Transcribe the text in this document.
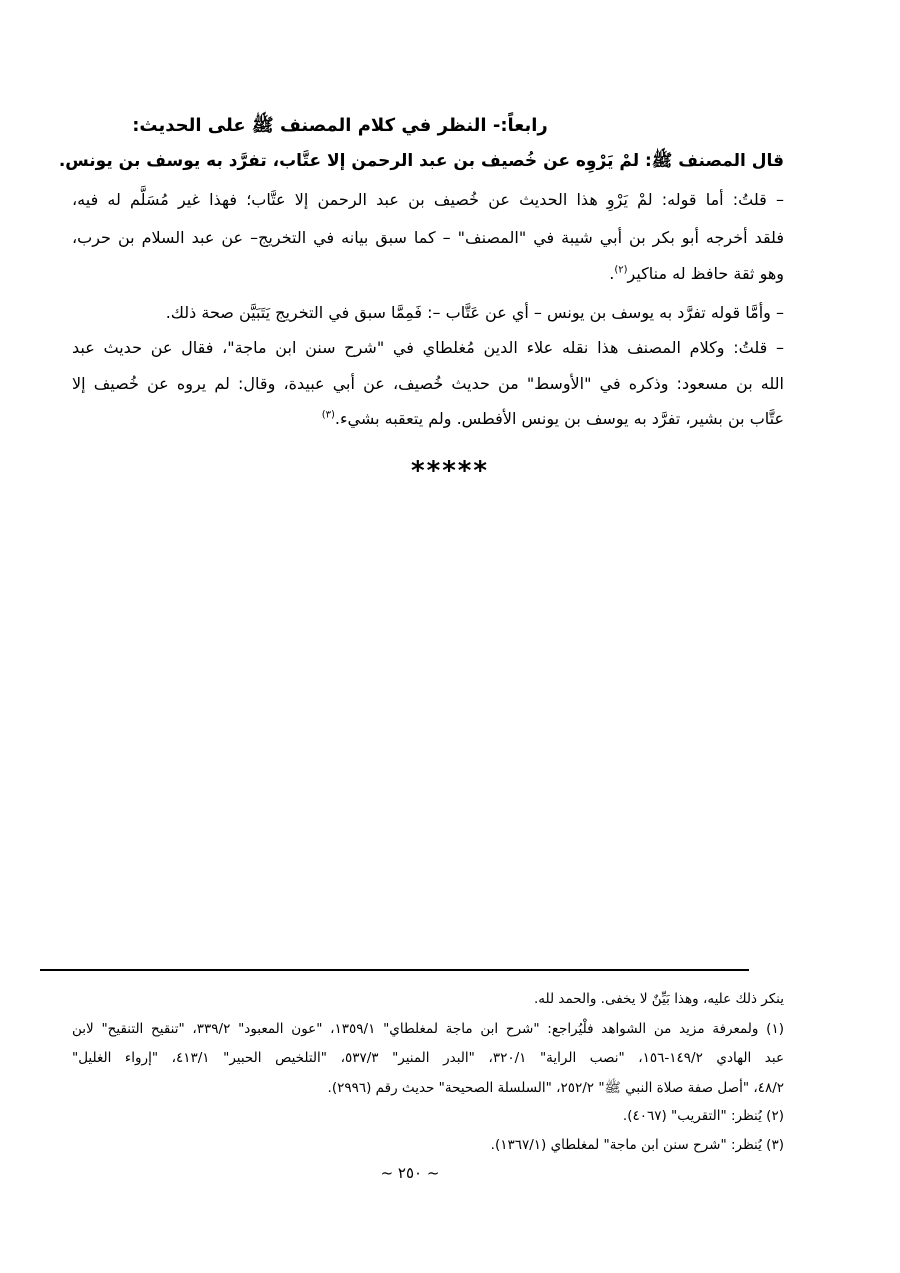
رابعاً:- النظر في كلام المصنف ﷺ على الحديث:
قال المصنف ﷺ: لمْ يَرْوِه عن خُصيف بن عبد الرحمن إلا عتَّاب، تفرَّد به يوسف بن يونس.
– قلتُ: أما قوله: لمْ يَرْوِ هذا الحديث عن خُصيف بن عبد الرحمن إلا عتَّاب؛ فهذا غير مُسَلَّم له فيه،
فلقد أخرجه أبو بكر بن أبي شيبة في "المصنف" – كما سبق بيانه في التخريج– عن عبد السلام بن حرب،
وهو ثقة حافظ له مناكير$^{(٢)}$.
– وأمَّا قوله تفرَّد به يوسف بن يونس – أي عن عَتَّاب –: فَمِمَّا سبق في التخريج يَتَبَيَّن صحة ذلك.
– قلتُ: وكلام المصنف هذا نقله علاء الدين مُغلطاي في "شرح سنن ابن ماجة"، فقال عن حديث عبد
الله بن مسعود: وذكره في "الأوسط" من حديث خُصيف، عن أبي عبيدة، وقال: لم يروه عن خُصيف إلا
عتَّاب بن بشير، تفرَّد به يوسف بن يونس الأفطس. ولم يتعقبه بشيء.$^{(٣)}$
*****
ينكر ذلك عليه، وهذا بَيِّنٌ لا يخفى. والحمد لله.
(١) ولمعرفة مزيد من الشواهد فلْيُراجع: "شرح ابن ماجة لمغلطاي" ١٣٥٩/١، "عون المعبود" ٣٣٩/٢، "تنقيح التنقيح" لابن
عبد الهادي ١٤٩/٢-١٥٦، "نصب الراية" ٣٢٠/١، "البدر المنير" ٥٣٧/٣، "التلخيص الحبير" ٤١٣/١، "إرواء الغليل"
٤٨/٢، "أصل صفة صلاة النبي ﷺ" ٢٥٢/٢، "السلسلة الصحيحة" حديث رقم (٢٩٩٦).
(٢) يُنظر: "التقريب" (٤٠٦٧).
(٣) يُنظر: "شرح سنن ابن ماجة" لمغلطاي (١٣٦٧/١).
~ ٢٥٠ ~
